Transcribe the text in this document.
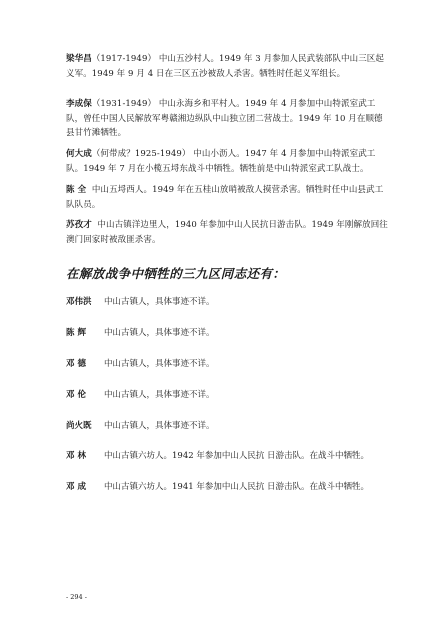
梁华昌（1917-1949） 中山五沙村人。1949 年 3 月参加人民武装部队中山三区起义军。1949 年 9 月 4 日在三区五沙被敌人杀害。牺牲时任起义军组长。

李成保（1931-1949） 中山永海乡和平村人。1949 年 4 月参加中山特派室武工队，曾任中国人民解放军粤赣湘边纵队中山独立团二营战士。1949 年 10 月在顺德县甘竹滩牺牲。

何大成（何带成？1925-1949） 中山小沥人。1947 年 4 月参加中山特派室武工队。1949 年 7 月在小榄五埒东战斗中牺牲。牺牲前是中山特派室武工队战士。

陈 全 中山五埒西人。1949 年在五桂山放哨被敌人摸营杀害。牺牲时任中山县武工队队员。

苏孜才 中山古镇洋边里人，1940 年参加中山人民抗日游击队。1949 年刚解放回往澳门回家时被敌匪杀害。

在解放战争中牺牲的三九区同志还有：
邓伟洪 中山古镇人，具体事迹不详。
陈 辉 中山古镇人，具体事迹不详。
邓 德 中山古镇人，具体事迹不详。
邓 伦 中山古镇人，具体事迹不详。
尚火既 中山古镇人，具体事迹不详。
邓 林 中山古镇六坊人。1942 年参加中山人民抗 日游击队。在战斗中牺牲。
邓 成 中山古镇六坊人。1941 年参加中山人民抗 日游击队。在战斗中牺牲。
- 294 -
